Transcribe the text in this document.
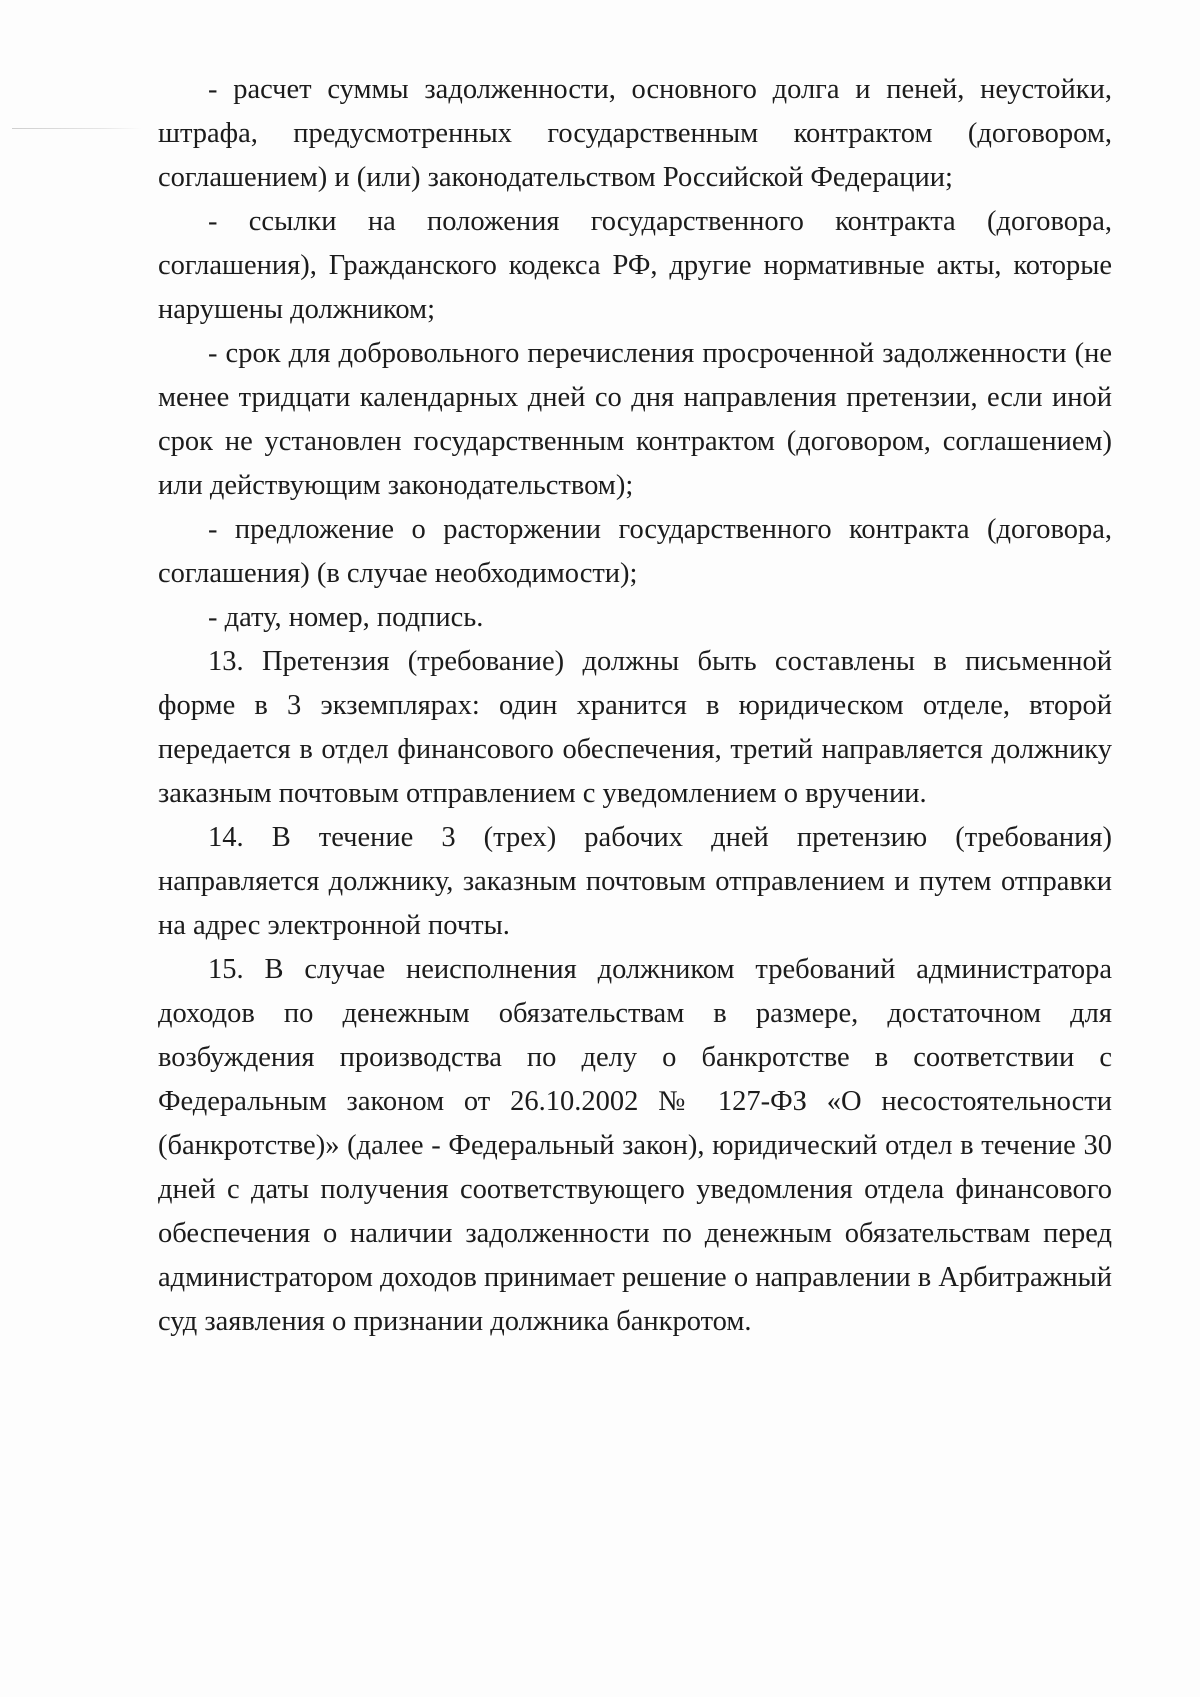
- расчет суммы задолженности, основного долга и пеней, неустойки, штрафа, предусмотренных государственным контрактом (договором, соглашением) и (или) законодательством Российской Федерации;

- ссылки на положения государственного контракта (договора, соглашения), Гражданского кодекса РФ, другие нормативные акты, которые нарушены должником;

- срок для добровольного перечисления просроченной задолженности (не менее тридцати календарных дней со дня направления претензии, если иной срок не установлен государственным контрактом (договором, соглашением) или действующим законодательством);

- предложение о расторжении государственного контракта (договора, соглашения) (в случае необходимости);

- дату, номер, подпись.

13. Претензия (требование) должны быть составлены в письменной форме в 3 экземплярах: один хранится в юридическом отделе, второй передается в отдел финансового обеспечения, третий направляется должнику заказным почтовым отправлением с уведомлением о вручении.

14. В течение 3 (трех) рабочих дней претензию (требования) направляется должнику, заказным почтовым отправлением и путем отправки на адрес электронной почты.

15. В случае неисполнения должником требований администратора доходов по денежным обязательствам в размере, достаточном для возбуждения производства по делу о банкротстве в соответствии с Федеральным законом от 26.10.2002 № 127-ФЗ «О несостоятельности (банкротстве)» (далее - Федеральный закон), юридический отдел в течение 30 дней с даты получения соответствующего уведомления отдела финансового обеспечения о наличии задолженности по денежным обязательствам перед администратором доходов принимает решение о направлении в Арбитражный суд заявления о признании должника банкротом.
